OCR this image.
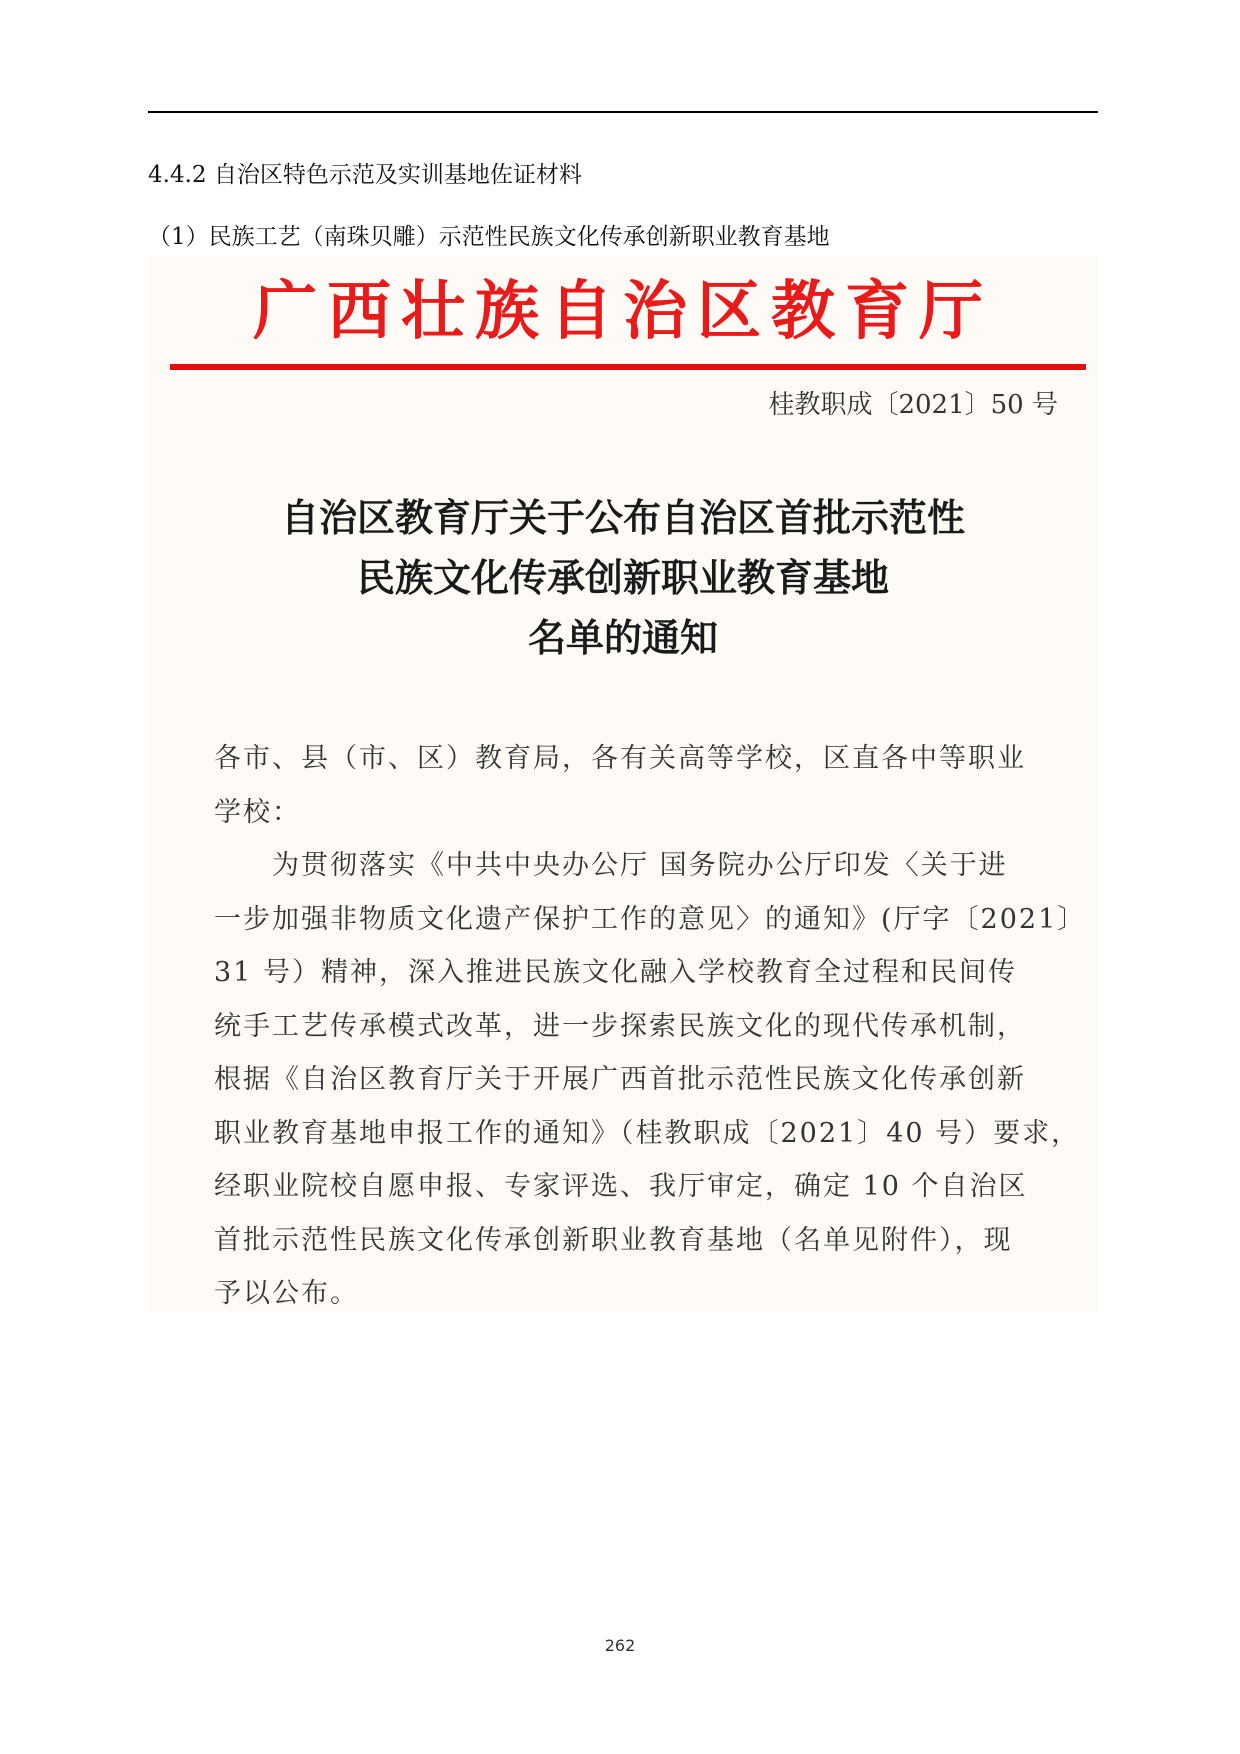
4.4.2 自治区特色示范及实训基地佐证材料
（1）民族工艺（南珠贝雕）示范性民族文化传承创新职业教育基地
广西壮族自治区教育厅
桂教职成〔2021〕50 号
自治区教育厅关于公布自治区首批示范性
民族文化传承创新职业教育基地
名单的通知
各市、县（市、区）教育局，各有关高等学校，区直各中等职业
学校：
　　为贯彻落实《中共中央办公厅 国务院办公厅印发〈关于进
一步加强非物质文化遗产保护工作的意见〉的通知》(厅字〔2021〕
31 号）精神，深入推进民族文化融入学校教育全过程和民间传
统手工艺传承模式改革，进一步探索民族文化的现代传承机制，
根据《自治区教育厅关于开展广西首批示范性民族文化传承创新
职业教育基地申报工作的通知》（桂教职成〔2021〕40 号）要求，
经职业院校自愿申报、专家评选、我厅审定，确定 10 个自治区
首批示范性民族文化传承创新职业教育基地（名单见附件），现
予以公布。
262
